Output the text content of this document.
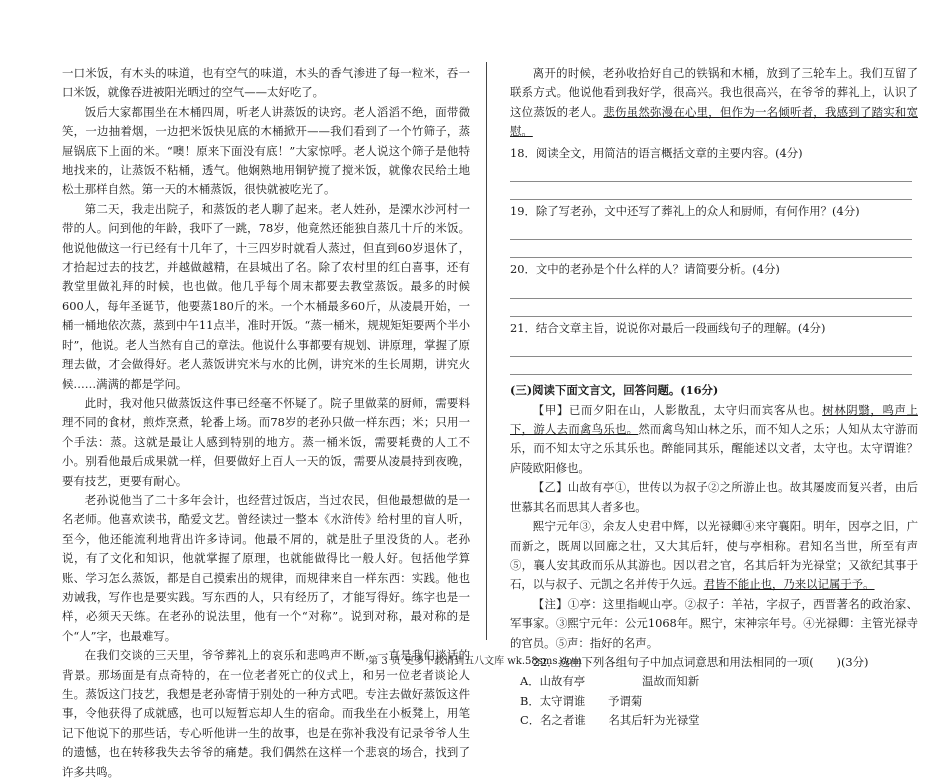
一口米饭，有木头的味道，也有空气的味道，木头的香气渗进了每一粒米，吞一口米饭，就像吞进被阳光晒过的空气——太好吃了。

饭后大家都围坐在木桶四周，听老人讲蒸饭的诀窍。老人滔滔不绝，面带微笑，一边抽着烟，一边把米饭快见底的木桶掀开——我们看到了一个竹筛子，蒸屉锅底下上面的米。“噢！原来下面没有底！”大家惊呼。老人说这个筛子是他特地找来的，让蒸饭不粘桶，透气。他娴熟地用铜铲搅了搅米饭，就像农民给土地松土那样自然。第一天的木桶蒸饭，很快就被吃光了。

第二天，我走出院子，和蒸饭的老人聊了起来。老人姓孙，是溧水沙河村一带的人。问到他的年龄，我吓了一跳，78岁，他竟然还能独自蒸几十斤的米饭。他说他做这一行已经有十几年了，十三四岁时就看人蒸过，但直到60岁退休了，才拾起过去的技艺，并越做越精，在县城出了名。除了农村里的红白喜事，还有教堂里做礼拜的时候，也也做。他几乎每个周末都要去教堂蒸饭。最多的时候600人，每年圣诞节，他要蒸180斤的米。一个木桶最多60斤，从凌晨开始，一桶一桶地依次蒸，蒸到中午11点半，准时开饭。“蒸一桶米，规规矩矩要两个半小时”，他说。老人当然有自己的章法。他说什么事都要有规划、讲原理，掌握了原理去做，才会做得好。老人蒸饭讲究米与水的比例，讲究米的生长周期，讲究火候……满满的都是学问。

此时，我对他只做蒸饭这件事已经毫不怀疑了。院子里做菜的厨师，需要料理不同的食材，煎炸烹煮，轮番上场。而78岁的老孙只做一样东西；米；只用一个手法：蒸。这就是最让人感到特别的地方。蒸一桶米饭，需要耗费的人工不小。别看他最后成果就一样，但要做好上百人一天的饭，需要从凌晨持到夜晚，要有技艺，更要有耐心。

老孙说他当了二十多年会计，也经营过饭店，当过农民，但他最想做的是一名老师。他喜欢读书，酷爱文艺。曾经读过一整本《水浒传》给村里的盲人听，至今，他还能流利地背出许多诗词。他最不屑的，就是肚子里没货的人。老孙说，有了文化和知识，他就掌握了原理，也就能做得比一般人好。包括他学算账、学习怎么蒸饭，都是自己摸索出的规律，而规律来自一样东西：实践。他也劝诫我，写作也是要实践。写东西的人，只有经历了，才能写得好。练字也是一样，必须天天练。在老孙的说法里，他有一个“对称”。说到对称，最对称的是个“人”字，也最难写。

在我们交谈的三天里，爷爷葬礼上的哀乐和悲鸣声不断，一直是我们谈话的背景。那场面是有点奇特的，在一位老者死亡的仪式上，和另一位老者谈论人生。蒸饭这门技艺，我想是老孙寄情于别处的一种方式吧。专注去做好蒸饭这件事，令他获得了成就感，也可以短暂忘却人生的宿命。而我坐在小板凳上，用笔记下他说下的那些话，专心听他讲一生的故事，也是在弥补我没有记录爷爷人生的遗憾，也在转移我失去爷爷的痛楚。我们偶然在这样一个悲哀的场合，找到了许多共鸣。

离开的时候，老孙收拾好自己的铁锅和木桶，放到了三轮车上。我们互留了联系方式。他说他看到我好学，很高兴。我也很高兴，在爷爷的葬礼上，认识了这位蒸饭的老人。悲伤虽然弥漫在心里，但作为一名倾听者，我感到了踏实和宽慰。

18．阅读全文，用简洁的语言概括文章的主要内容。(4分)

19．除了写老孙，文中还写了葬礼上的众人和厨师，有何作用？(4分)

20．文中的老孙是个什么样的人？请简要分析。(4分)

21．结合文章主旨，说说你对最后一段画线句子的理解。(4分)

(三)阅读下面文言文，回答问题。(16分)

【甲】已而夕阳在山，人影散乱，太守归而宾客从也。树林阴翳，鸣声上下，游人去而禽鸟乐也。然而禽鸟知山林之乐，而不知人之乐；人知从太守游而乐，而不知太守之乐其乐也。醉能同其乐，醒能述以文者，太守也。太守谓谁？庐陵欧阳修也。

【乙】山故有亭①，世传以为叔子②之所游止也。故其屡废而复兴者，由后世慕其名而思其人者多也。

熙宁元年③，余友人史君中辉，以光禄卿④来守襄阳。明年，因亭之旧，广而新之，既周以回廊之壮，又大其后轩，使与亭相称。君知名当世，所至有声⑤，襄人安其政而乐从其游也。因以君之官，名其后轩为光禄堂；又欲纪其事于石，以与叔子、元凯之名并传于久远。君皆不能止也，乃来以记属于予。

【注】①亭：这里指岘山亭。②叔子：羊祜，字叔子，西晋著名的政治家、军事家。③熙宁元年：公元1068年。熙宁，宋神宗年号。④光禄卿：主管光禄寺的官员。⑤声：指好的名声。

22．选出下列各组句子中加点词意思和用法相同的一项(　　)(3分)

A．山故有亭　　　　　温故而知新

B．太守谓谁　　予谓菊

C．名之者谁　　名其后轩为光禄堂

第 3 页 更多下载请到五八文库 wk.58sms.com
